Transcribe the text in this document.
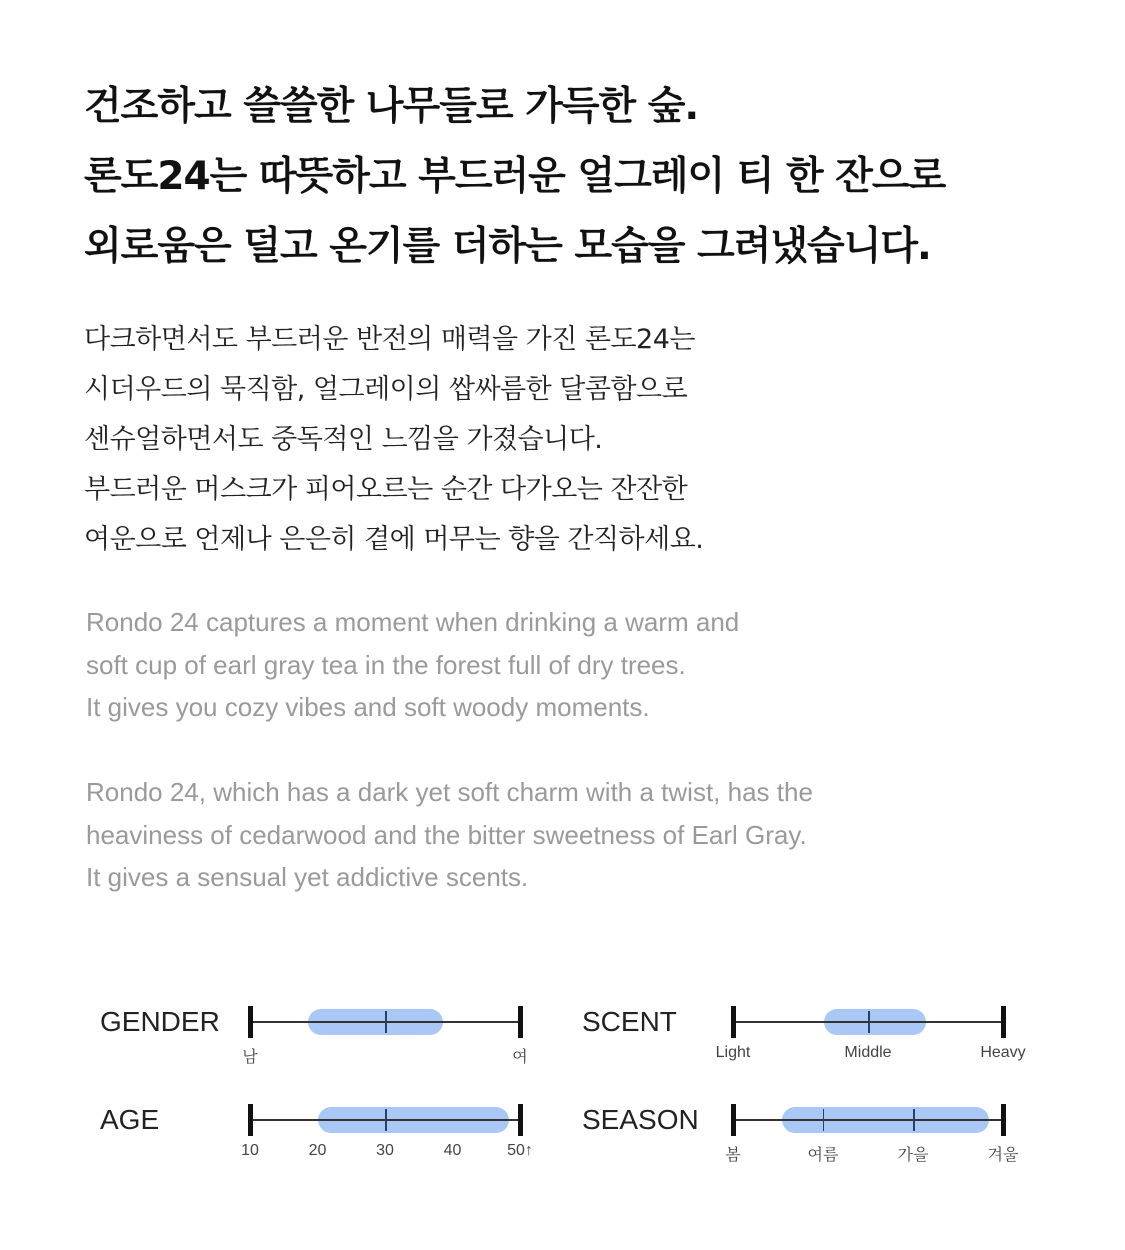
건조하고 쓸쓸한 나무들로 가득한 숲.
론도24는 따뜻하고 부드러운 얼그레이 티 한 잔으로
외로움은 덜고 온기를 더하는 모습을 그려냈습니다.
다크하면서도 부드러운 반전의 매력을 가진 론도24는
시더우드의 묵직함, 얼그레이의 쌉싸름한 달콤함으로
센슈얼하면서도 중독적인 느낌을 가졌습니다.
부드러운 머스크가 피어오르는 순간 다가오는 잔잔한
여운으로 언제나 은은히 곁에 머무는 향을 간직하세요.
Rondo 24 captures a moment when drinking a warm and
soft cup of earl gray tea in the forest full of dry trees.
It gives you cozy vibes and soft woody moments.
Rondo 24, which has a dark yet soft charm with a twist, has the
heaviness of cedarwood and the bitter sweetness of Earl Gray.
It gives a sensual yet addictive scents.
GENDER
남	여
AGE
10	20	30	40	50↑
SCENT
Light	Middle	Heavy
SEASON
봄	여름	가을	겨울
